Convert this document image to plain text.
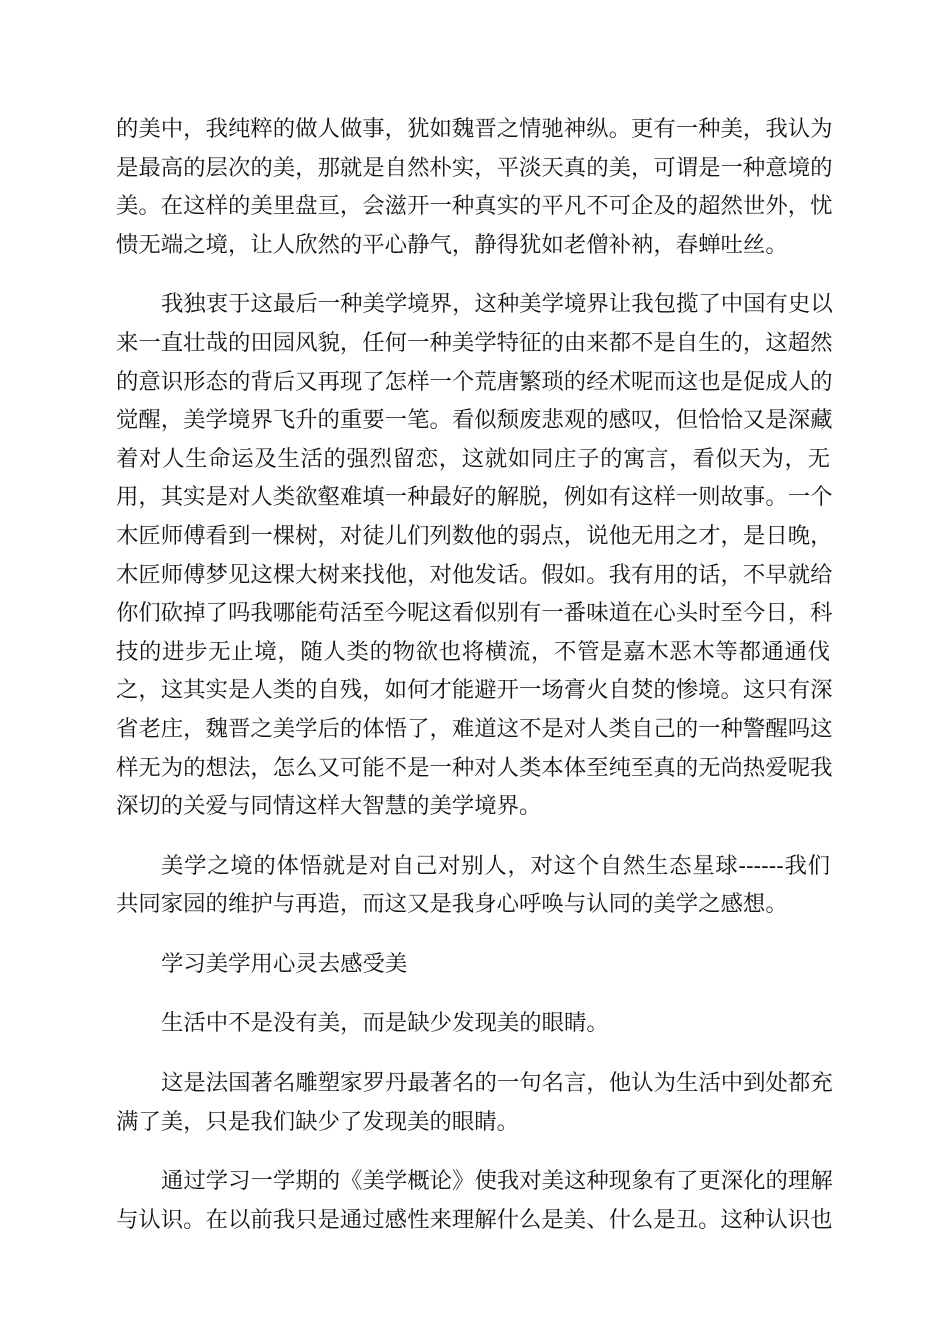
的美中，我纯粹的做人做事，犹如魏晋之情驰神纵。更有一种美，我认为
是最高的层次的美，那就是自然朴实，平淡天真的美，可谓是一种意境的
美。在这样的美里盘亘，会滋开一种真实的平凡不可企及的超然世外，忧
愦无端之境，让人欣然的平心静气，静得犹如老僧补衲，春蝉吐丝。
我独衷于这最后一种美学境界，这种美学境界让我包揽了中国有史以
来一直壮哉的田园风貌，任何一种美学特征的由来都不是自生的，这超然
的意识形态的背后又再现了怎样一个荒唐繁琐的经术呢而这也是促成人的
觉醒，美学境界飞升的重要一笔。看似颓废悲观的感叹，但恰恰又是深藏
着对人生命运及生活的强烈留恋，这就如同庄子的寓言，看似天为，无
用，其实是对人类欲壑难填一种最好的解脱，例如有这样一则故事。一个
木匠师傅看到一棵树，对徒儿们列数他的弱点，说他无用之才，是日晚，
木匠师傅梦见这棵大树来找他，对他发话。假如。我有用的话，不早就给
你们砍掉了吗我哪能苟活至今呢这看似别有一番味道在心头时至今日，科
技的进步无止境，随人类的物欲也将横流，不管是嘉木恶木等都通通伐
之，这其实是人类的自残，如何才能避开一场膏火自焚的惨境。这只有深
省老庄，魏晋之美学后的体悟了，难道这不是对人类自己的一种警醒吗这
样无为的想法，怎么又可能不是一种对人类本体至纯至真的无尚热爱呢我
深切的关爱与同情这样大智慧的美学境界。
美学之境的体悟就是对自己对别人，对这个自然生态星球------我们
共同家园的维护与再造，而这又是我身心呼唤与认同的美学之感想。
学习美学用心灵去感受美
生活中不是没有美，而是缺少发现美的眼睛。
这是法国著名雕塑家罗丹最著名的一句名言，他认为生活中到处都充
满了美，只是我们缺少了发现美的眼睛。
通过学习一学期的《美学概论》使我对美这种现象有了更深化的理解
与认识。在以前我只是通过感性来理解什么是美、什么是丑。这种认识也
